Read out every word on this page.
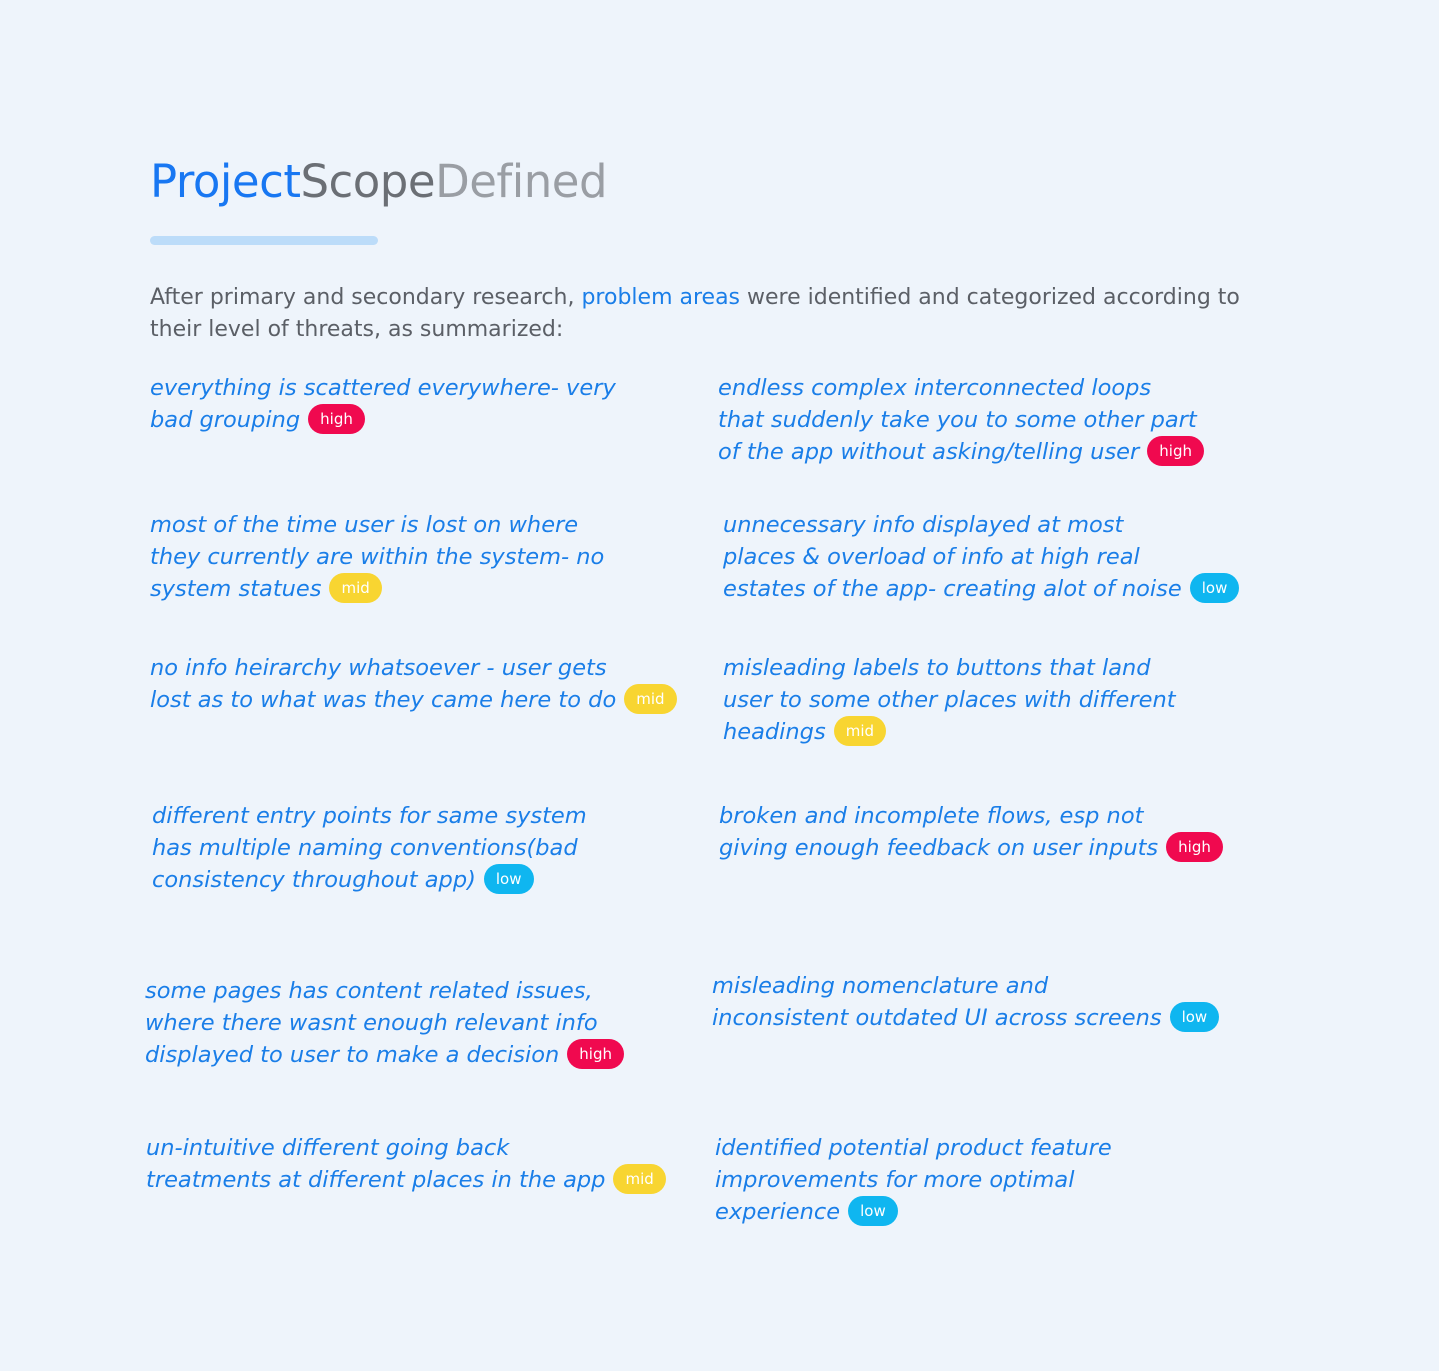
ProjectScopeDefined

After primary and secondary research, problem areas were identified and categorized according to their level of threats, as summarized:

everything is scattered everywhere- very
bad grouping high

most of the time user is lost on where
they currently are within the system- no
system statues mid

no info heirarchy whatsoever - user gets
lost as to what was they came here to do mid

different entry points for same system
has multiple naming conventions(bad
consistency throughout app) low

some pages has content related issues,
where there wasnt enough relevant info
displayed to user to make a decision high

un-intuitive different going back
treatments at different places in the app mid

endless complex interconnected loops
that suddenly take you to some other part
of the app without asking/telling user high

unnecessary info displayed at most
places & overload of info at high real
estates of the app- creating alot of noise low

misleading labels to buttons that land
user to some other places with different
headings mid

broken and incomplete flows, esp not
giving enough feedback on user inputs high

misleading nomenclature and
inconsistent outdated UI across screens low

identified potential product feature
improvements for more optimal
experience low
